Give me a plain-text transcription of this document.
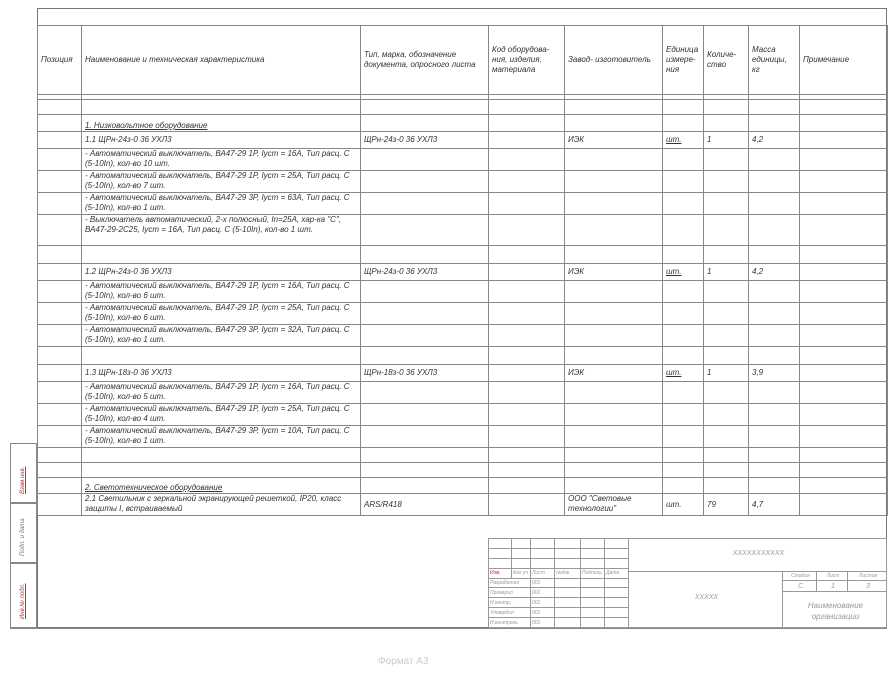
Позиция	Наименование и техническая характеристика	Тип, марка, обозначение документа, опросного листа	Код оборудова- ния, изделия, материала	Завод- изготовитель	Единица измере- ния	Количе- ство	Масса единицы, кг	Примечание

	1. Низковольтное оборудование							
	1.1 ЩРн-24з-0 36 УХЛ3	ЩРн-24з-0 36 УХЛ3		ИЭК	шт.	1	4,2	
	- Автоматический выключатель, ВА47-29 1Р, Iуст = 16А, Тип расц. С (5-10In), кол-во 10 шт.							
	- Автоматический выключатель, ВА47-29 1Р, Iуст = 25А, Тип расц. С (5-10In), кол-во 7 шт.							
	- Автоматический выключатель, ВА47-29 3Р, Iуст = 63А, Тип расц. С (5-10In), кол-во 1 шт.							
	- Выключатель автоматический, 2-х полюсный, In=25А, хар-ка "С", ВА47-29-2С25, Iуст = 16А, Тип расц. С (5-10In), кол-во 1 шт.							

	1.2 ЩРн-24з-0 36 УХЛ3	ЩРн-24з-0 36 УХЛ3		ИЭК	шт.	1	4,2	
	- Автоматический выключатель, ВА47-29 1Р, Iуст = 16А, Тип расц. С (5-10In), кол-во 6 шт.							
	- Автоматический выключатель, ВА47-29 1Р, Iуст = 25А, Тип расц. С (5-10In), кол-во 6 шт.							
	- Автоматический выключатель, ВА47-29 3Р, Iуст = 32А, Тип расц. С (5-10In), кол-во 1 шт.							

	1.3 ЩРн-18з-0 36 УХЛ3	ЩРн-18з-0 36 УХЛ3		ИЭК	шт.	1	3,9	
	- Автоматический выключатель, ВА47-29 1Р, Iуст = 16А, Тип расц. С (5-10In), кол-во 5 шт.							
	- Автоматический выключатель, ВА47-29 1Р, Iуст = 25А, Тип расц. С (5-10In), кол-во 4 шт.							
	- Автоматический выключатель, ВА47-29 3Р, Iуст = 10А, Тип расц. С (5-10In), кол-во 1 шт.							

	2. Светотехническое оборудование							
	2.1 Светильник с зеркальной экранирующей решеткой, IP20, класс защиты I, встраиваемый	ARS/R418		ООО "Световые технологии"	шт.	79	4,7	
Взам.инв.
Подп. и дата
Инв.№ подл.

Изм.	Кол.уч	Лист	№док	Подпись	Дата
Разработал		001			
Проверил		001			
Н.контр.		001			
Утвердил		001			
Н.контроль		001			
ХХХХХХХХХХХ
ХХХХХ
Стадия	Лист	Листов
С	1	3
Наименование организации
Формат А3
